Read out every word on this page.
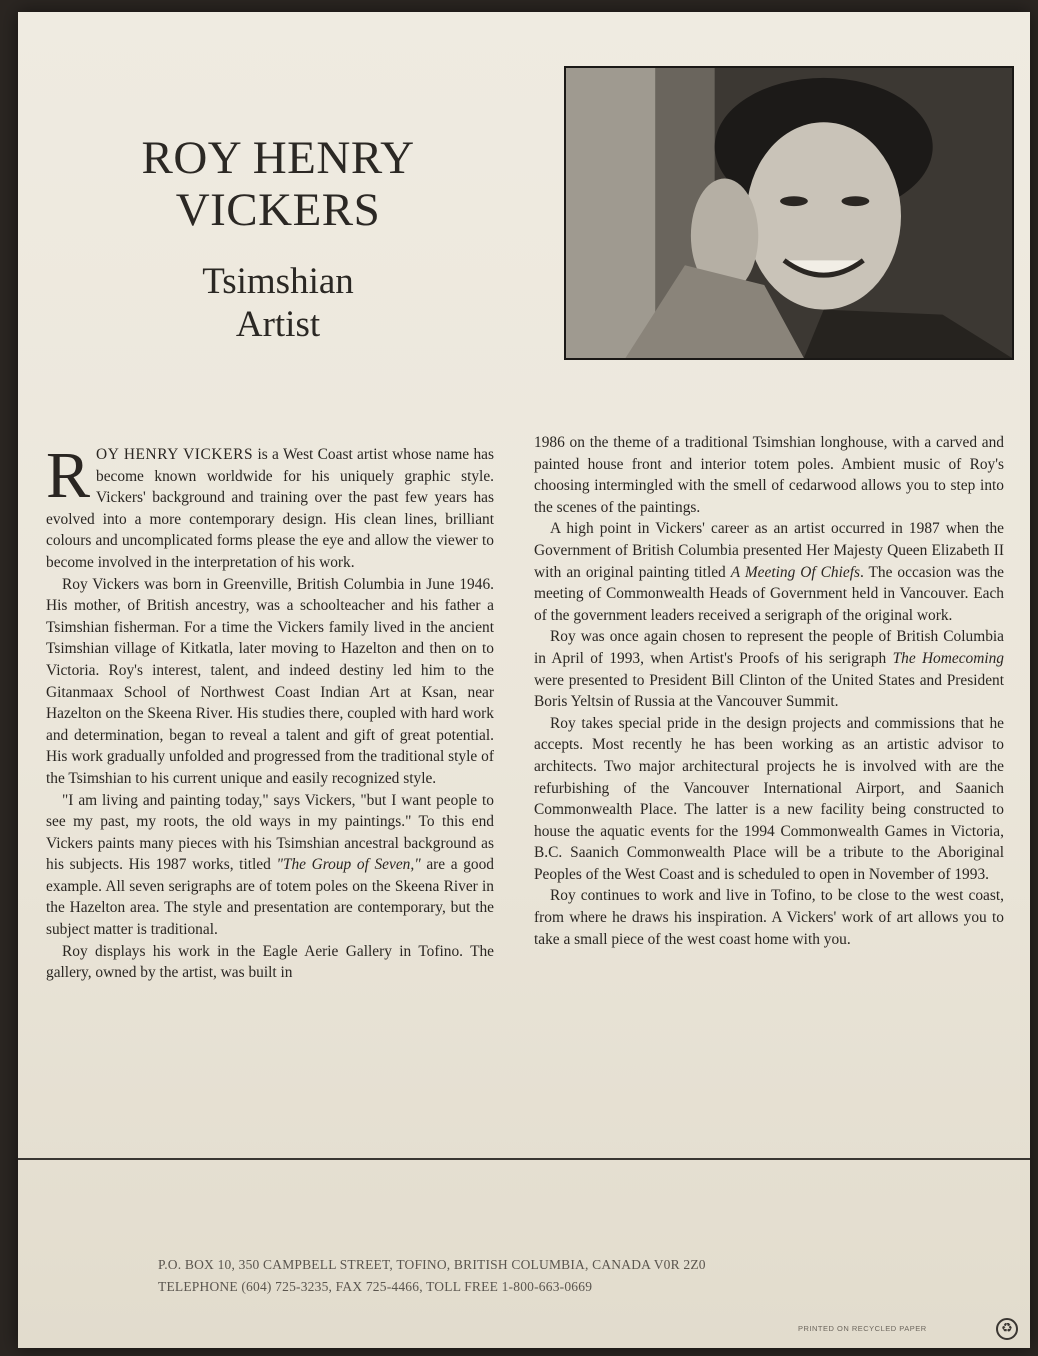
ROY HENRY
VICKERS
Tsimshian
Artist

ROY HENRY VICKERS is a West Coast artist whose name has become known worldwide for his uniquely graphic style. Vickers' background and training over the past few years has evolved into a more contemporary design. His clean lines, brilliant colours and uncomplicated forms please the eye and allow the viewer to become involved in the interpretation of his work.

Roy Vickers was born in Greenville, British Columbia in June 1946. His mother, of British ancestry, was a schoolteacher and his father a Tsimshian fisherman. For a time the Vickers family lived in the ancient Tsimshian village of Kitkatla, later moving to Hazelton and then on to Victoria. Roy's interest, talent, and indeed destiny led him to the Gitanmaax School of Northwest Coast Indian Art at Ksan, near Hazelton on the Skeena River. His studies there, coupled with hard work and determination, began to reveal a talent and gift of great potential. His work gradually unfolded and progressed from the traditional style of the Tsimshian to his current unique and easily recognized style.

"I am living and painting today," says Vickers, "but I want people to see my past, my roots, the old ways in my paintings." To this end Vickers paints many pieces with his Tsimshian ancestral background as his subjects. His 1987 works, titled "The Group of Seven," are a good example. All seven serigraphs are of totem poles on the Skeena River in the Hazelton area. The style and presentation are contemporary, but the subject matter is traditional.

Roy displays his work in the Eagle Aerie Gallery in Tofino. The gallery, owned by the artist, was built in

1986 on the theme of a traditional Tsimshian longhouse, with a carved and painted house front and interior totem poles. Ambient music of Roy's choosing intermingled with the smell of cedarwood allows you to step into the scenes of the paintings.

A high point in Vickers' career as an artist occurred in 1987 when the Government of British Columbia presented Her Majesty Queen Elizabeth II with an original painting titled A Meeting Of Chiefs. The occasion was the meeting of Commonwealth Heads of Government held in Vancouver. Each of the government leaders received a serigraph of the original work.

Roy was once again chosen to represent the people of British Columbia in April of 1993, when Artist's Proofs of his serigraph The Homecoming were presented to President Bill Clinton of the United States and President Boris Yeltsin of Russia at the Vancouver Summit.

Roy takes special pride in the design projects and commissions that he accepts. Most recently he has been working as an artistic advisor to architects. Two major architectural projects he is involved with are the refurbishing of the Vancouver International Airport, and Saanich Commonwealth Place. The latter is a new facility being constructed to house the aquatic events for the 1994 Commonwealth Games in Victoria, B.C. Saanich Commonwealth Place will be a tribute to the Aboriginal Peoples of the West Coast and is scheduled to open in November of 1993.

Roy continues to work and live in Tofino, to be close to the west coast, from where he draws his inspiration. A Vickers' work of art allows you to take a small piece of the west coast home with you.

P.O. BOX 10, 350 CAMPBELL STREET, TOFINO, BRITISH COLUMBIA, CANADA V0R 2Z0
TELEPHONE (604) 725-3235, FAX 725-4466, TOLL FREE 1-800-663-0669
PRINTED ON RECYCLED PAPER	♻
